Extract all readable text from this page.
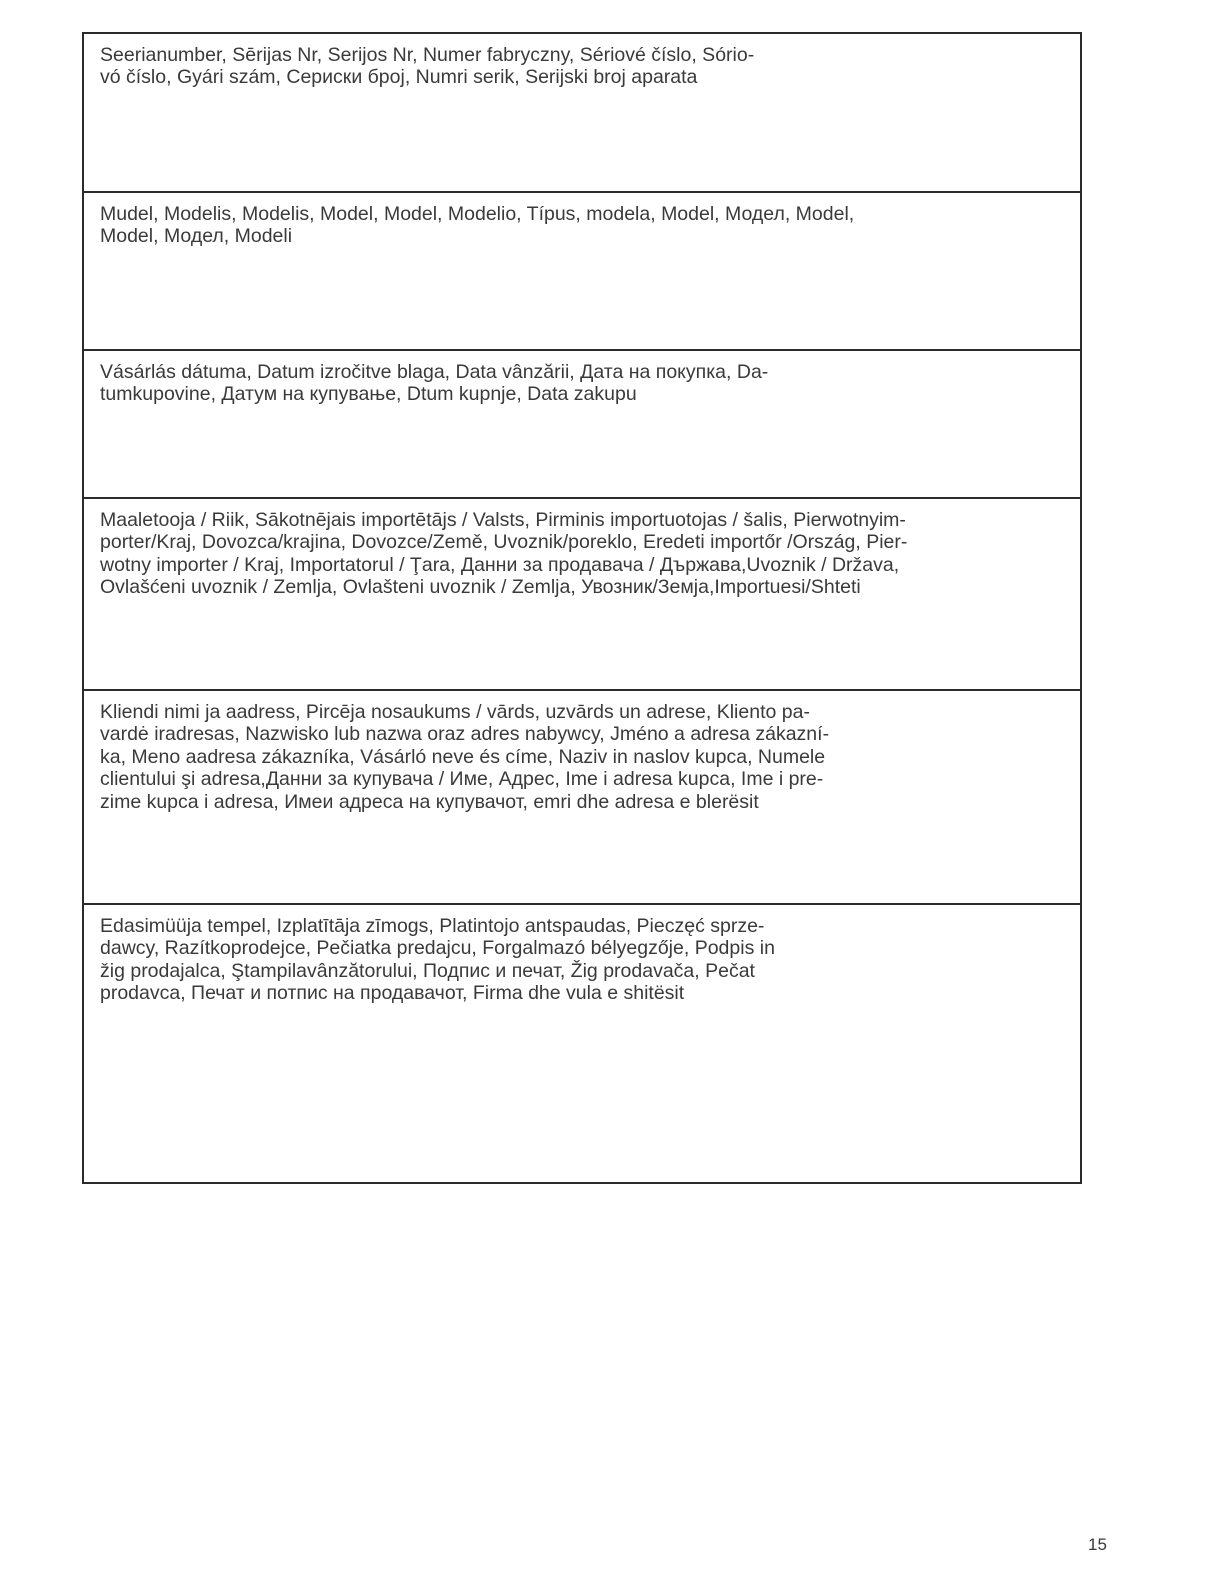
Seerianumber, Sērijas Nr, Serijos Nr, Numer fabryczny, Sériové číslo, Sório-
vó číslo, Gyári szám, Сериски број, Numri serik, Serijski broj aparata

Mudel, Modelis, Modelis, Model, Model, Modelio, Típus, modela, Model, Модел, Model,
Model, Модел, Modeli

Vásárlás dátuma, Datum izročitve blaga, Data vânzării, Дата на покупка, Da-
tumkupovine, Датум на купување, Dtum kupnje, Data zakupu

Maaletooja / Riik, Sākotnējais importētājs / Valsts, Pirminis importuotojas / šalis, Pierwotnyim-
porter/Kraj, Dovozca/krajina, Dovozce/Země, Uvoznik/poreklo, Eredeti importőr /Ország, Pier-
wotny importer / Kraj, Importatorul / Ţara, Данни за продавача / Държава,Uvoznik / Država,
Ovlašćeni uvoznik / Zemlja, Ovlašteni uvoznik / Zemlja, Увозник/Земја,Importuesi/Shteti

Kliendi nimi ja aadress, Pircēja nosaukums / vārds, uzvārds un adrese, Kliento pa-
vardė iradresas, Nazwisko lub nazwa oraz adres nabywcy, Jméno a adresa zákazní-
ka, Meno aadresa zákazníka, Vásárló neve és címe, Naziv in naslov kupca, Numele
clientului şi adresa,Данни за купувача / Име, Адрес, Ime i adresa kupca, Ime i pre-
zime kupca i adresa, Имеи адреса на купувачот, emri dhe adresa e blerësit

Edasimüüja tempel, Izplatītāja zīmogs, Platintojo antspaudas, Pieczęć sprze-
dawcy, Razítkoprodejce, Pečiatka predajcu, Forgalmazó bélyegzője, Podpis in
žig prodajalca, Ştampilavânzătorului, Подпис и печат, Žig prodavača, Pečat
prodavca, Печат и потпис на продавачот, Firma dhe vula e shitësit

15
